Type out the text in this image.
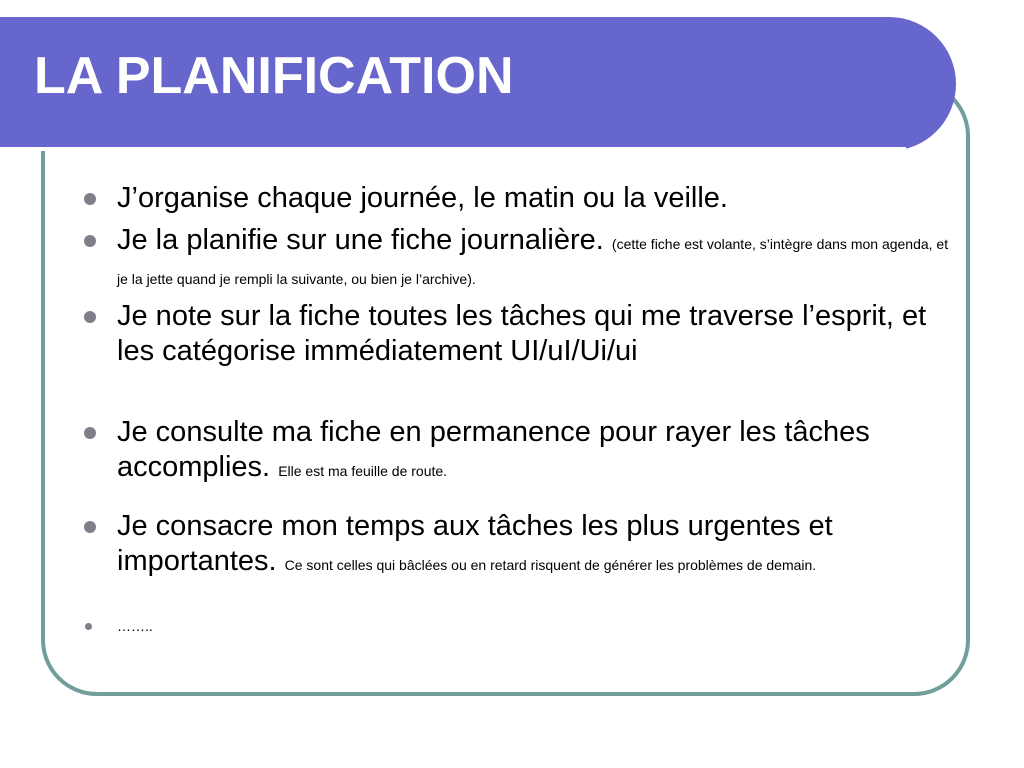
LA PLANIFICATION
J’organise chaque journée, le matin ou la veille.
Je la planifie sur une fiche journalière. (cette fiche est volante, s’intègre dans mon agenda, et je la jette quand je rempli la suivante, ou bien je l’archive).
Je note sur la fiche toutes les tâches qui me traverse l’esprit, et les catégorise immédiatement UI/uI/Ui/ui
Je consulte ma fiche en permanence pour rayer les tâches accomplies. Elle est ma feuille de route.
Je consacre mon temps aux tâches les plus urgentes et importantes. Ce sont celles qui bâclées ou en retard risquent de générer les problèmes de demain.
……..
